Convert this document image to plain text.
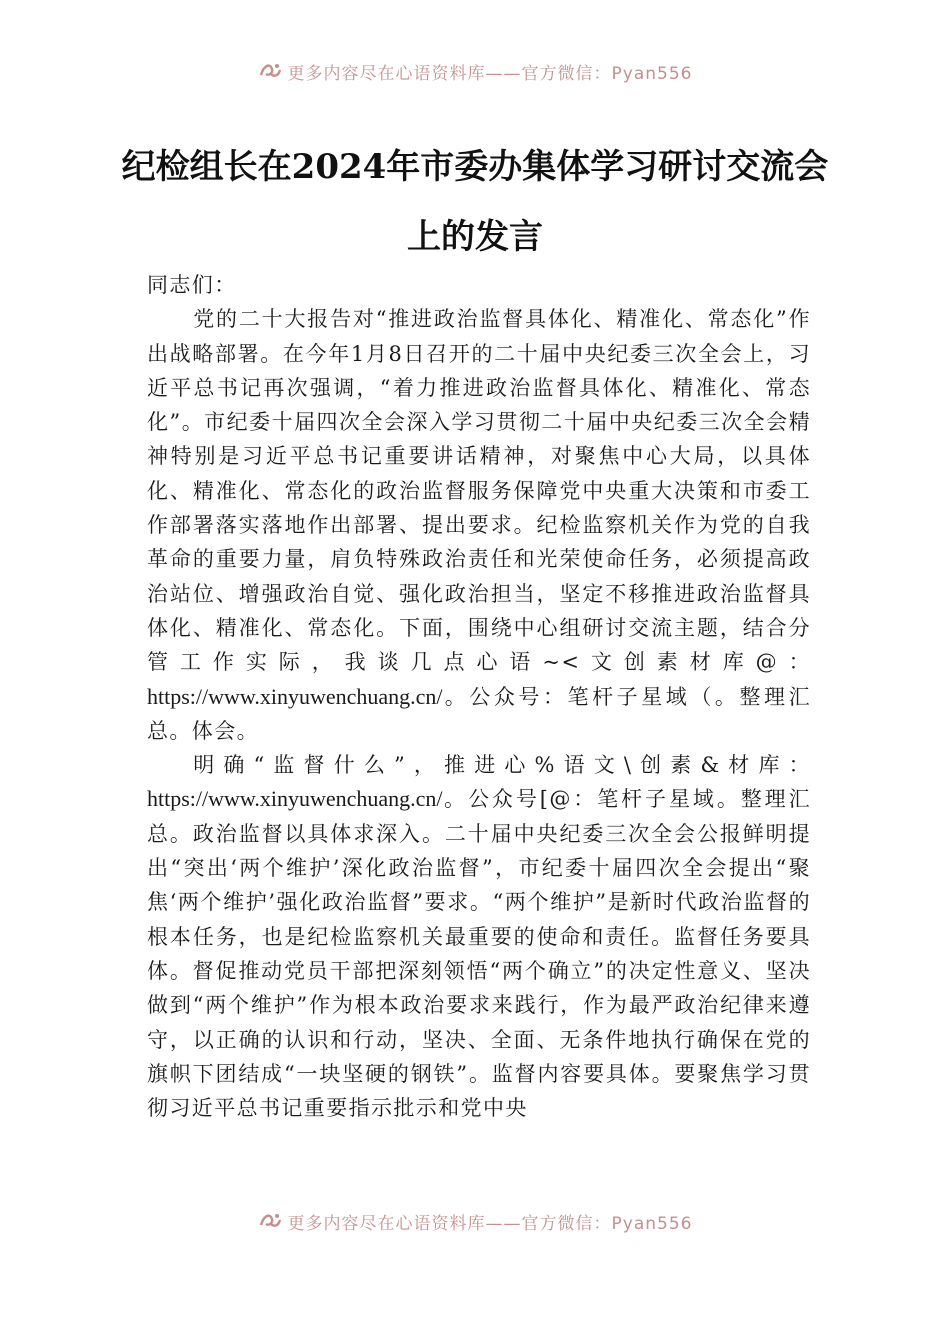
更多内容尽在心语资料库——官方微信：Pyan556
纪检组长在2024年市委办集体学习研讨交流会上的发言

同志们：

党的二十大报告对“推进政治监督具体化、精准化、常态化”作出战略部署。在今年1月8日召开的二十届中央纪委三次全会上，习近平总书记再次强调，“着力推进政治监督具体化、精准化、常态化”。市纪委十届四次全会深入学习贯彻二十届中央纪委三次全会精神特别是习近平总书记重要讲话精神，对聚焦中心大局，以具体化、精准化、常态化的政治监督服务保障党中央重大决策和市委工作部署落实落地作出部署、提出要求。纪检监察机关作为党的自我革命的重要力量，肩负特殊政治责任和光荣使命任务，必须提高政治站位、增强政治自觉、强化政治担当，坚定不移推进政治监督具体化、精准化、常态化。下面，围绕中心组研讨交流主题，结合分管工作实际，我谈几点心语~<文创素材库@：https://www.xinyuwenchuang.cn/。公众号：笔杆子星域（。整理汇总。体会。

明确“监督什么”，推进心%语文\创素&材库：https://www.xinyuwenchuang.cn/。公众号[@：笔杆子星域。整理汇总。政治监督以具体求深入。二十届中央纪委三次全会公报鲜明提出“突出‘两个维护’深化政治监督”，市纪委十届四次全会提出“聚焦‘两个维护’强化政治监督”要求。“两个维护”是新时代政治监督的根本任务，也是纪检监察机关最重要的使命和责任。监督任务要具体。督促推动党员干部把深刻领悟“两个确立”的决定性意义、坚决做到“两个维护”作为根本政治要求来践行，作为最严政治纪律来遵守，以正确的认识和行动，坚决、全面、无条件地执行确保在党的旗帜下团结成“一块坚硬的钢铁”。监督内容要具体。要聚焦学习贯彻习近平总书记重要指示批示和党中央

更多内容尽在心语资料库——官方微信：Pyan556
